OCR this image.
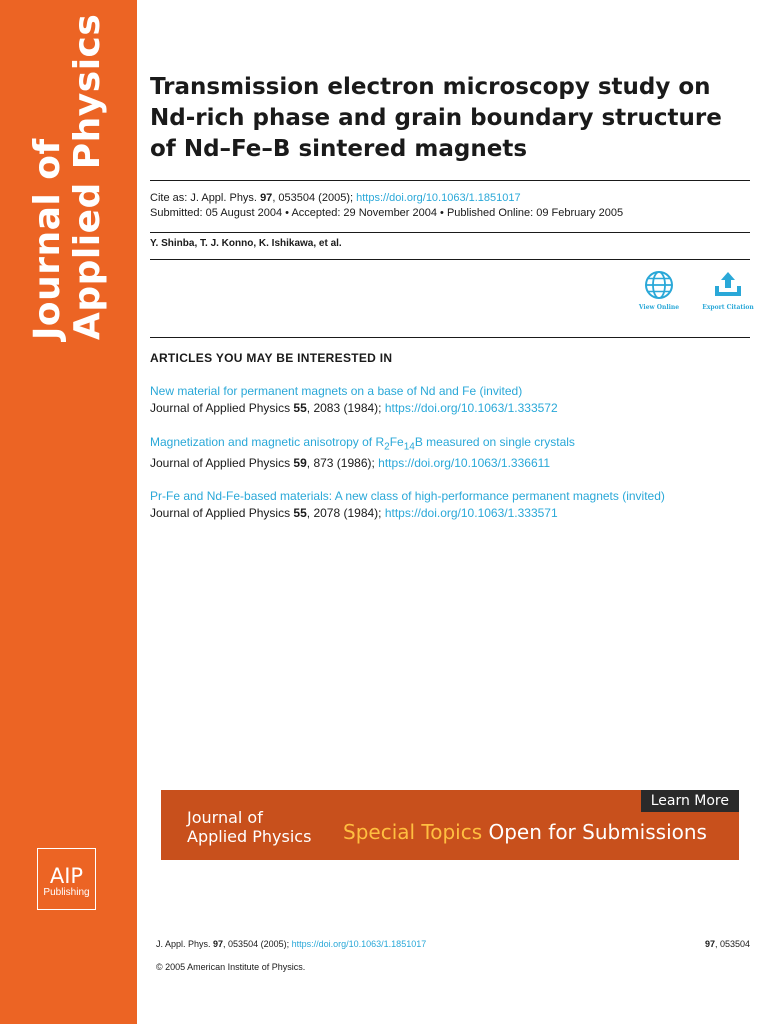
Journal of Applied Physics
AIP
Publishing
Transmission electron microscopy study on Nd-rich phase and grain boundary structure of Nd–Fe–B sintered magnets
Cite as: J. Appl. Phys. 97, 053504 (2005); https://doi.org/10.1063/1.1851017
Submitted: 05 August 2004 • Accepted: 29 November 2004 • Published Online: 09 February 2005
Y. Shinba, T. J. Konno, K. Ishikawa, et al.
View Online	Export Citation
ARTICLES YOU MAY BE INTERESTED IN
New material for permanent magnets on a base of Nd and Fe (invited)
Journal of Applied Physics 55, 2083 (1984); https://doi.org/10.1063/1.333572
Magnetization and magnetic anisotropy of $R_2Fe_{14}B$ measured on single crystals
Journal of Applied Physics 59, 873 (1986); https://doi.org/10.1063/1.336611
Pr-Fe and Nd-Fe-based materials: A new class of high-performance permanent magnets (invited)
Journal of Applied Physics 55, 2078 (1984); https://doi.org/10.1063/1.333571
Journal of
Applied Physics Special Topics Open for Submissions
Learn More
J. Appl. Phys. 97, 053504 (2005); https://doi.org/10.1063/1.1851017	97, 053504
© 2005 American Institute of Physics.
